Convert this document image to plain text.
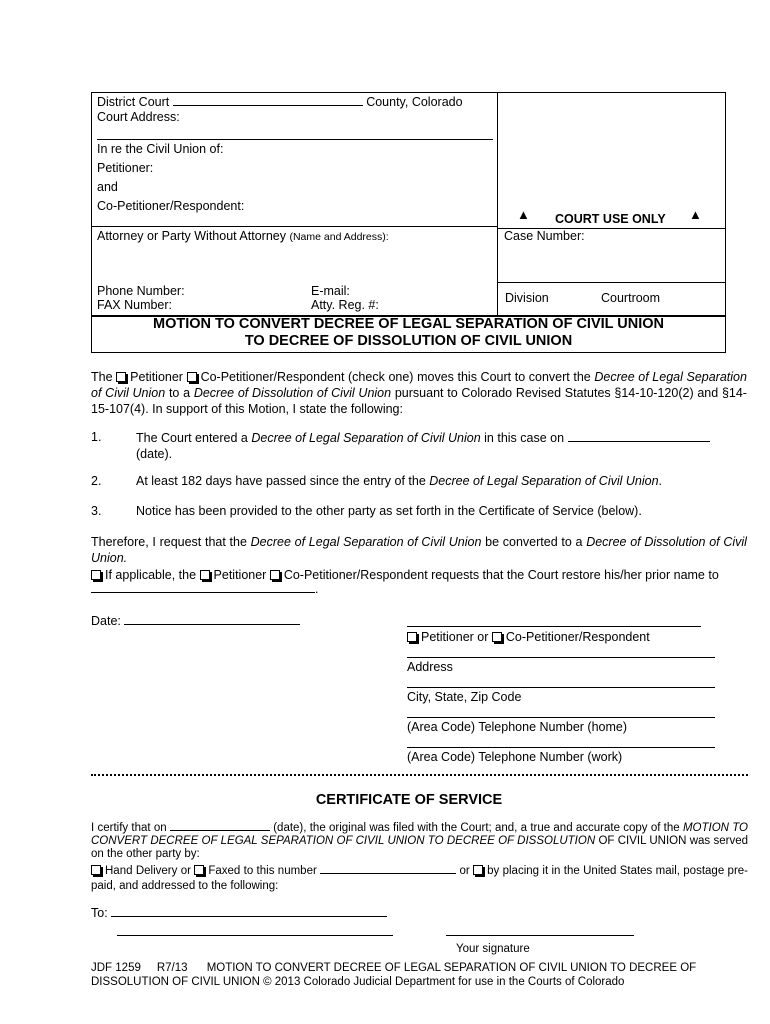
District Court	County, Colorado
Court Address:
In re the Civil Union of:
Petitioner:
and
Co-Petitioner/Respondent:
Attorney or Party Without Attorney (Name and Address):
Phone Number:
FAX Number:
E-mail:
Atty. Reg. #:
▲ COURT USE ONLY ▲
Case Number:
Division	Courtroom
MOTION TO CONVERT DECREE OF LEGAL SEPARATION OF CIVIL UNION
TO DECREE OF DISSOLUTION OF CIVIL UNION
The Petitioner Co-Petitioner/Respondent (check one) moves this Court to convert the Decree of Legal Separation of Civil Union to a Decree of Dissolution of Civil Union pursuant to Colorado Revised Statutes §14-10-120(2) and §14-15-107(4). In support of this Motion, I state the following:
1.	The Court entered a Decree of Legal Separation of Civil Union in this case on
(date).
2.	At least 182 days have passed since the entry of the Decree of Legal Separation of Civil Union.
3.	Notice has been provided to the other party as set forth in the Certificate of Service (below).
Therefore, I request that the Decree of Legal Separation of Civil Union be converted to a Decree of Dissolution of Civil Union.
If applicable, the Petitioner Co-Petitioner/Respondent requests that the Court restore his/her prior name to
.
Date:
Petitioner or Co-Petitioner/Respondent
Address
City, State, Zip Code
(Area Code) Telephone Number (home)
(Area Code) Telephone Number (work)
CERTIFICATE OF SERVICE
I certify that on	(date), the original was filed with the Court; and, a true and accurate copy of the MOTION TO CONVERT DECREE OF LEGAL SEPARATION OF CIVIL UNION TO DECREE OF DISSOLUTION OF CIVIL UNION was served on the other party by:
Hand Delivery or Faxed to this number	or by placing it in the United States mail, postage pre-paid, and addressed to the following:
To:
Your signature
JDF 1259     R7/13      MOTION TO CONVERT DECREE OF LEGAL SEPARATION OF CIVIL UNION TO DECREE OF
DISSOLUTION OF CIVIL UNION © 2013 Colorado Judicial Department for use in the Courts of Colorado
